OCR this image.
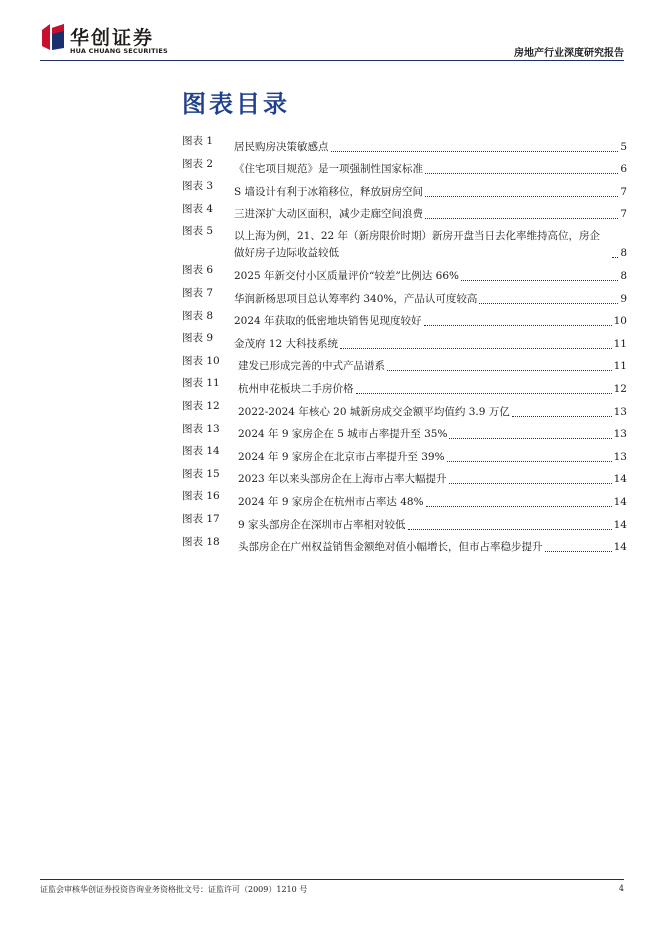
华创证券
HUA CHUANG SECURITIES	房地产行业深度研究报告
图表目录
图表 1	居民购房决策敏感点	5
图表 2	《住宅项目规范》是一项强制性国家标准	6
图表 3	S 墙设计有利于冰箱移位，释放厨房空间	7
图表 4	三进深扩大动区面积，减少走廊空间浪费	7
图表 5	以上海为例，21、22 年（新房限价时期）新房开盘当日去化率维持高位，房企做好房子边际收益较低	8
图表 6	2025 年新交付小区质量评价“较差”比例达 66%	8
图表 7	华润新杨思项目总认筹率约 340%，产品认可度较高	9
图表 8	2024 年获取的低密地块销售见现度较好	10
图表 9	金茂府 12 大科技系统	11
图表 10	建发已形成完善的中式产品谱系	11
图表 11	杭州申花板块二手房价格	12
图表 12	2022-2024 年核心 20 城新房成交金额平均值约 3.9 万亿	13
图表 13	2024 年 9 家房企在 5 城市占率提升至 35%	13
图表 14	2024 年 9 家房企在北京市占率提升至 39%	13
图表 15	2023 年以来头部房企在上海市占率大幅提升	14
图表 16	2024 年 9 家房企在杭州市占率达 48%	14
图表 17	9 家头部房企在深圳市占率相对较低	14
图表 18	头部房企在广州权益销售金额绝对值小幅增长，但市占率稳步提升	14
证监会审核华创证券投资咨询业务资格批文号：证监许可（2009）1210 号	4
